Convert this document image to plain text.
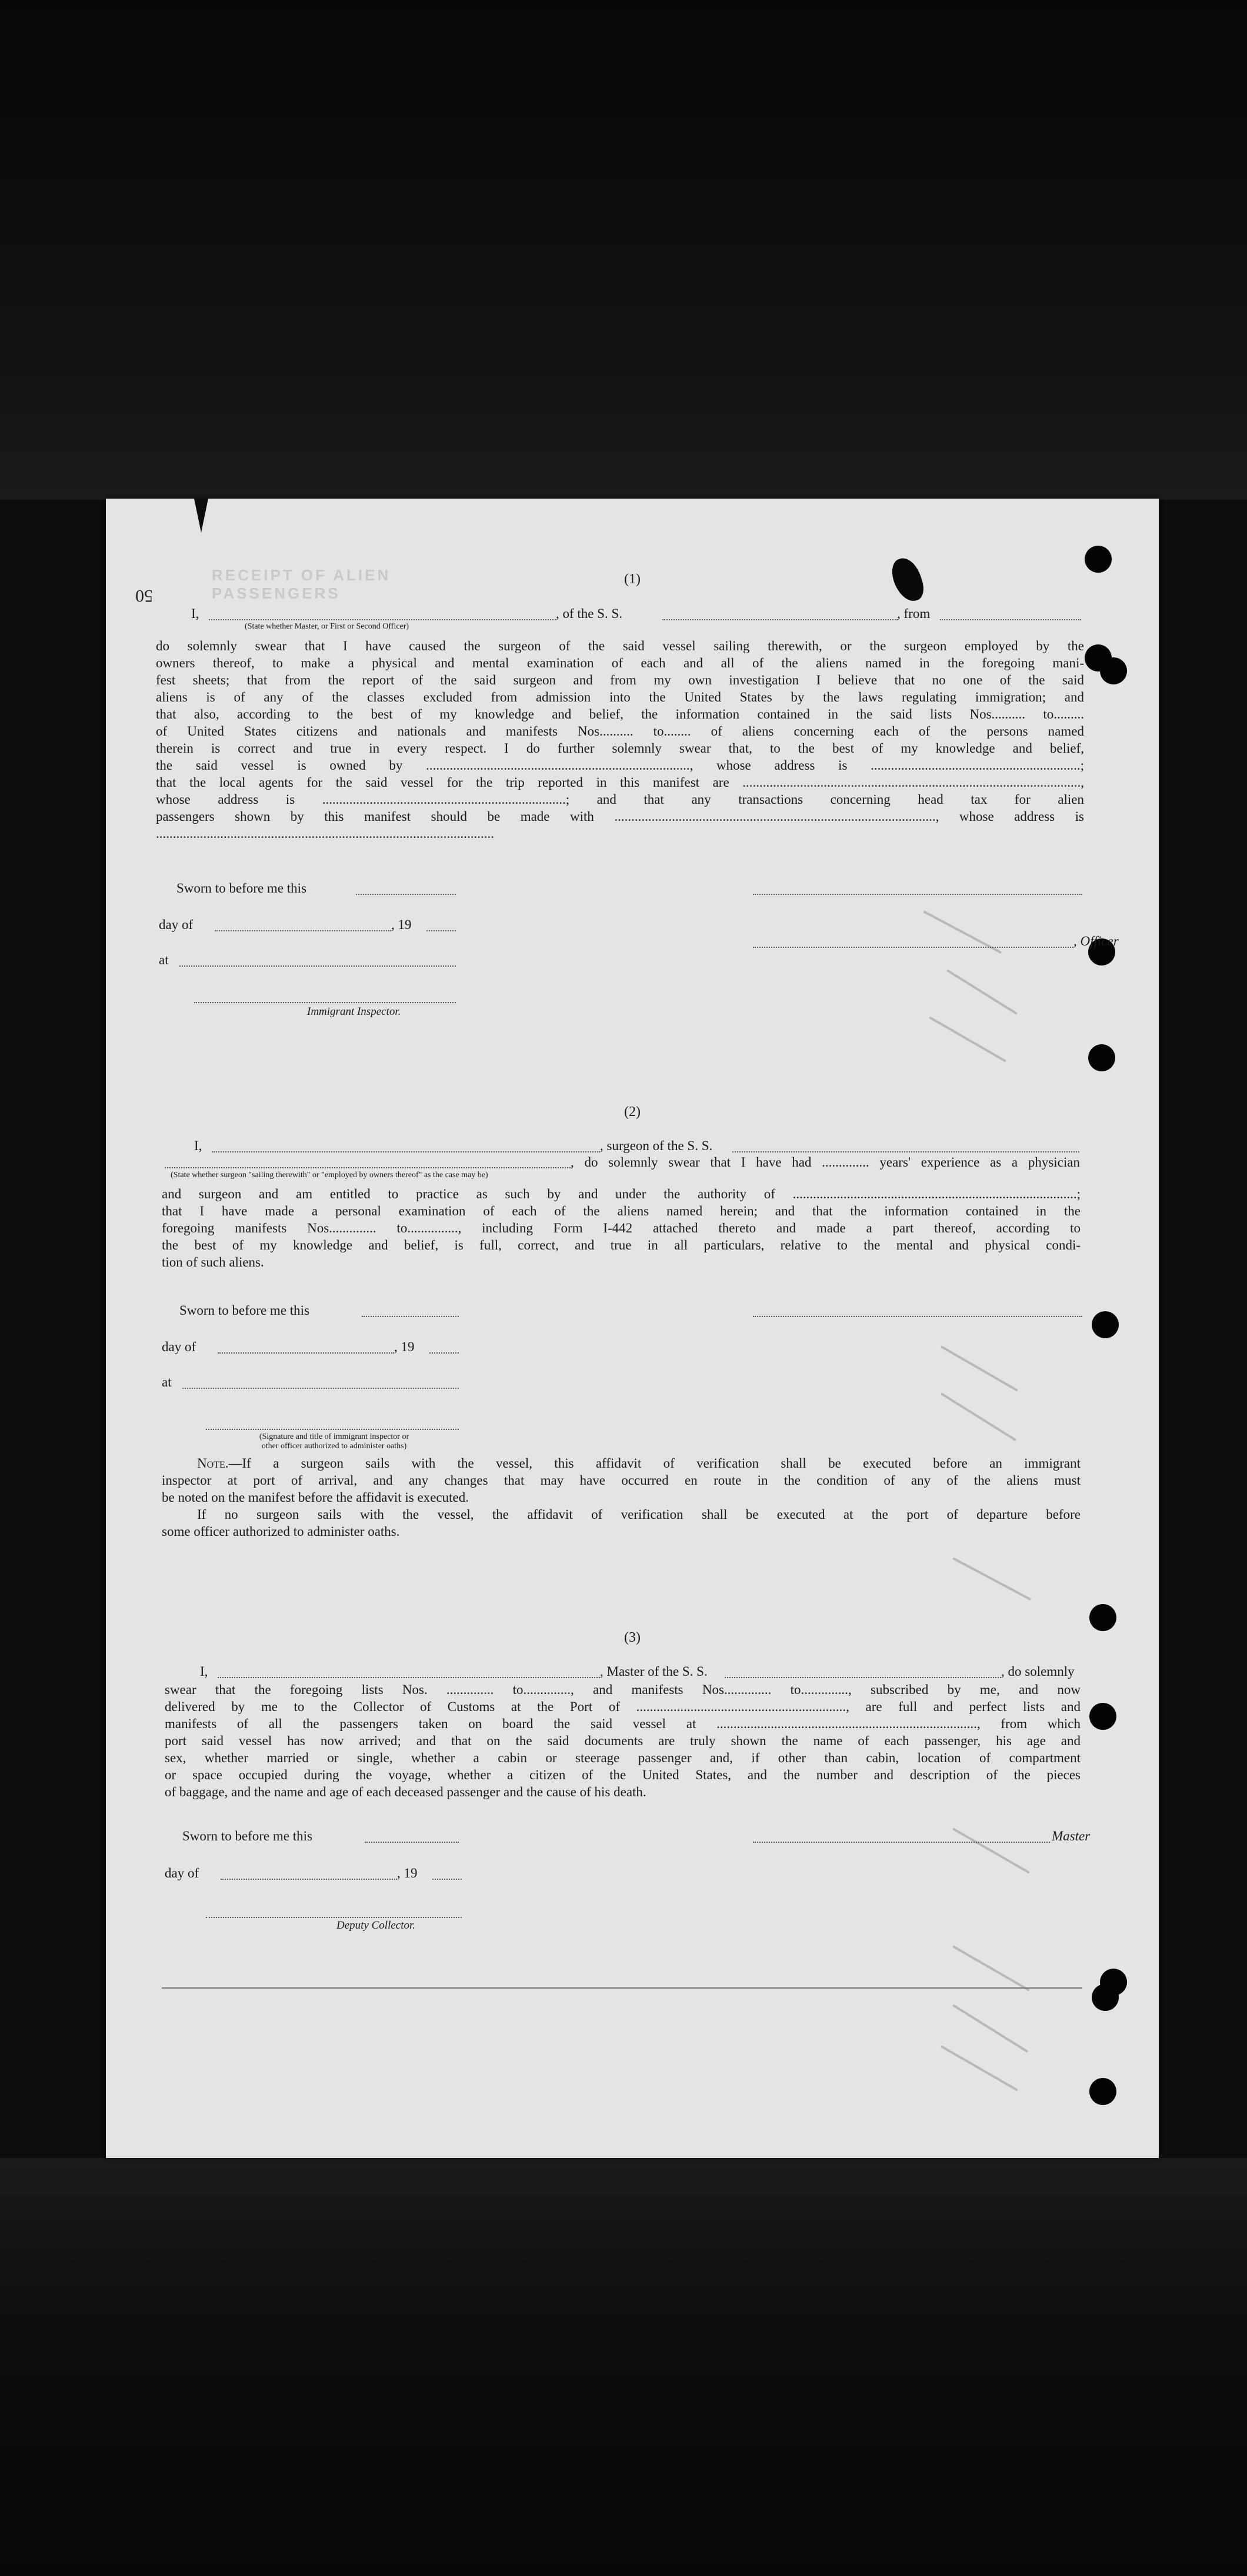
50
RECEIPT OF ALIEN PASSENGERS
(1)
I,	, of the S. S.	, from
(State whether Master, or First or Second Officer)
do solemnly swear that I have caused the surgeon of the said vessel sailing therewith, or the surgeon employed by the
owners thereof, to make a physical and mental examination of each and all of the aliens named in the foregoing mani-
fest sheets; that from the report of the said surgeon and from my own investigation I believe that no one of the said
aliens is of any of the classes excluded from admission into the United States by the laws regulating immigration; and
that also, according to the best of my knowledge and belief, the information contained in the said lists Nos.......... to.........
of United States citizens and nationals and manifests Nos.......... to........ of aliens concerning each of the persons named
therein is correct and true in every respect. I do further solemnly swear that, to the best of my knowledge and belief,
the said vessel is owned by .............................................................................., whose address is ..............................................................;
that the local agents for the said vessel for the trip reported in this manifest are ....................................................................................................,
whose address is ........................................................................; and that any transactions concerning head tax for alien
passengers shown by this manifest should be made with ..............................................................................................., whose address is
....................................................................................................
Sworn to before me this
day of	, 19
, Officer
at
Immigrant Inspector.
(2)
I,	, surgeon of the S. S.
, do solemnly swear that I have had .............. years' experience as a physician
(State whether surgeon "sailing therewith" or "employed by owners thereof" as the case may be)
and surgeon and am entitled to practice as such by and under the authority of ....................................................................................;
that I have made a personal examination of each of the aliens named herein; and that the information contained in the
foregoing manifests Nos.............. to..............., including Form I-442 attached thereto and made a part thereof, according to
the best of my knowledge and belief, is full, correct, and true in all particulars, relative to the mental and physical condi-
tion of such aliens.
Sworn to before me this
day of	, 19
at
(Signature and title of immigrant inspector or
other officer authorized to administer oaths)
Note.—If a surgeon sails with the vessel, this affidavit of verification shall be executed before an immigrant
inspector at port of arrival, and any changes that may have occurred en route in the condition of any of the aliens must
be noted on the manifest before the affidavit is executed.
If no surgeon sails with the vessel, the affidavit of verification shall be executed at the port of departure before
some officer authorized to administer oaths.
(3)
I,	, Master of the S. S.	, do solemnly
swear that the foregoing lists Nos. .............. to.............., and manifests Nos.............. to.............., subscribed by me, and now
delivered by me to the Collector of Customs at the Port of .............................................................., are full and perfect lists and
manifests of all the passengers taken on board the said vessel at ............................................................................., from which
port said vessel has now arrived; and that on the said documents are truly shown the name of each passenger, his age and
sex, whether married or single, whether a cabin or steerage passenger and, if other than cabin, location of compartment
or space occupied during the voyage, whether a citizen of the United States, and the number and description of the pieces
of baggage, and the name and age of each deceased passenger and the cause of his death.
Sworn to before me this	Master
day of	, 19
Deputy Collector.
